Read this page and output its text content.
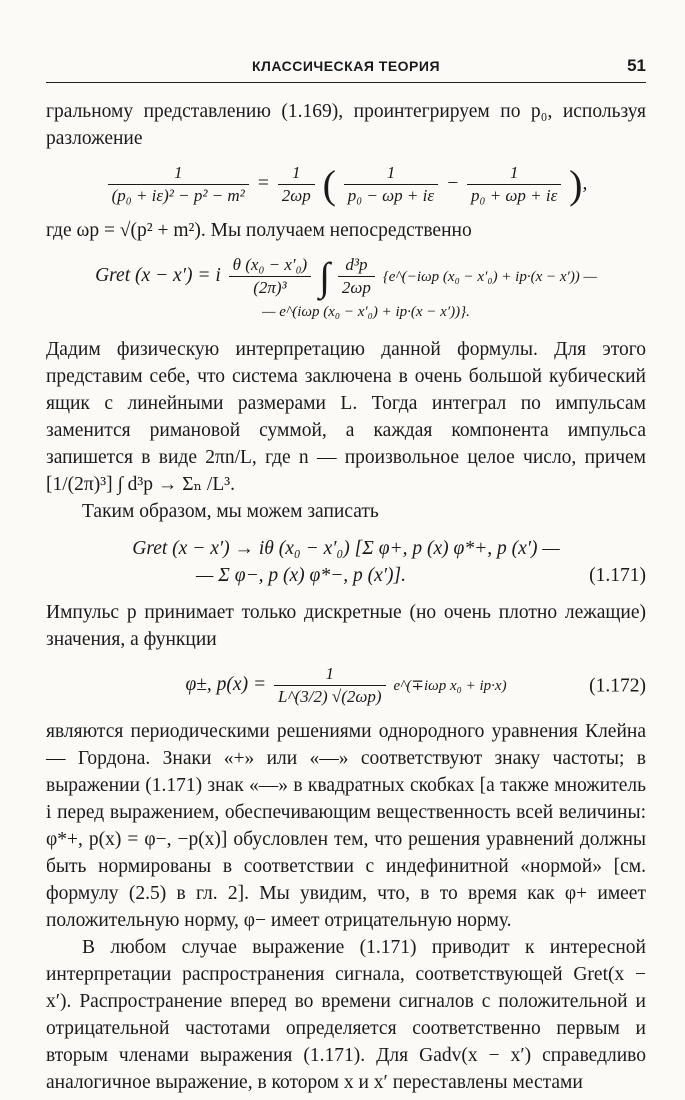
КЛАССИЧЕСКАЯ ТЕОРИЯ	51

гральному представлению (1.169), проинтегрируем по p₀, используя разложение

$\frac{1}{\text{(p₀ + iε)² − p² − m²}} = \frac{1}{2\omega p}$ ( $\frac{1}{\text{p₀ − ωp + iε}} - \frac{1}{\text{p₀ + ωp + iε}}$ ),

где ωp = √(p² + m²). Мы получаем непосредственно

Gret (x − x′) = i $\frac{\text{θ (x₀ − x′₀)}}{\text{(2π)³}}$ ∫ $\frac{\text{d³p}}{2\omega p}$ {e^(−iωp (x₀ − x′₀) + ip·(x − x′)) —
— e^(iωp (x₀ − x′₀) + ip·(x − x′))}.

Дадим физическую интерпретацию данной формулы. Для этого представим себе, что система заключена в очень большой кубический ящик с линейными размерами L. Тогда интеграл по импульсам заменится римановой суммой, а каждая компонента импульса запишется в виде 2πn/L, где n — произвольное целое число, причем [1/(2π)³] ∫ d³p → Σₙ /L³.

Таким образом, мы можем записать

Gret (x − x′) → iθ (x₀ − x′₀) [Σ φ+, p (x) φ*+, p (x′) —
— Σ φ−, p (x) φ*−, p (x′)].	(1.171)

Импульс p принимает только дискретные (но очень плотно лежащие) значения, а функции

φ±, $p(x) = \frac{1}{L\^{}(3/2) √(2\omega p)}$ e^(∓iωp x₀ + ip·x)	(1.172)

являются периодическими решениями однородного уравнения Клейна — Гордона. Знаки «+» или «—» соответствуют знаку частоты; в выражении (1.171) знак «—» в квадратных скобках [а также множитель i перед выражением, обеспечивающим вещественность всей величины: φ*+, p(x) = φ−, −p(x)] обусловлен тем, что решения уравнений должны быть нормированы в соответствии с индефинитной «нормой» [см. формулу (2.5) в гл. 2]. Мы увидим, что, в то время как φ+ имеет положительную норму, φ− имеет отрицательную норму.

В любом случае выражение (1.171) приводит к интересной интерпретации распространения сигнала, соответствующей Gret(x − x′). Распространение вперед во времени сигналов с положительной и отрицательной частотами определяется соответственно первым и вторым членами выражения (1.171). Для Gadv(x − x′) справедливо аналогичное выражение, в котором x и x′ переставлены местами
